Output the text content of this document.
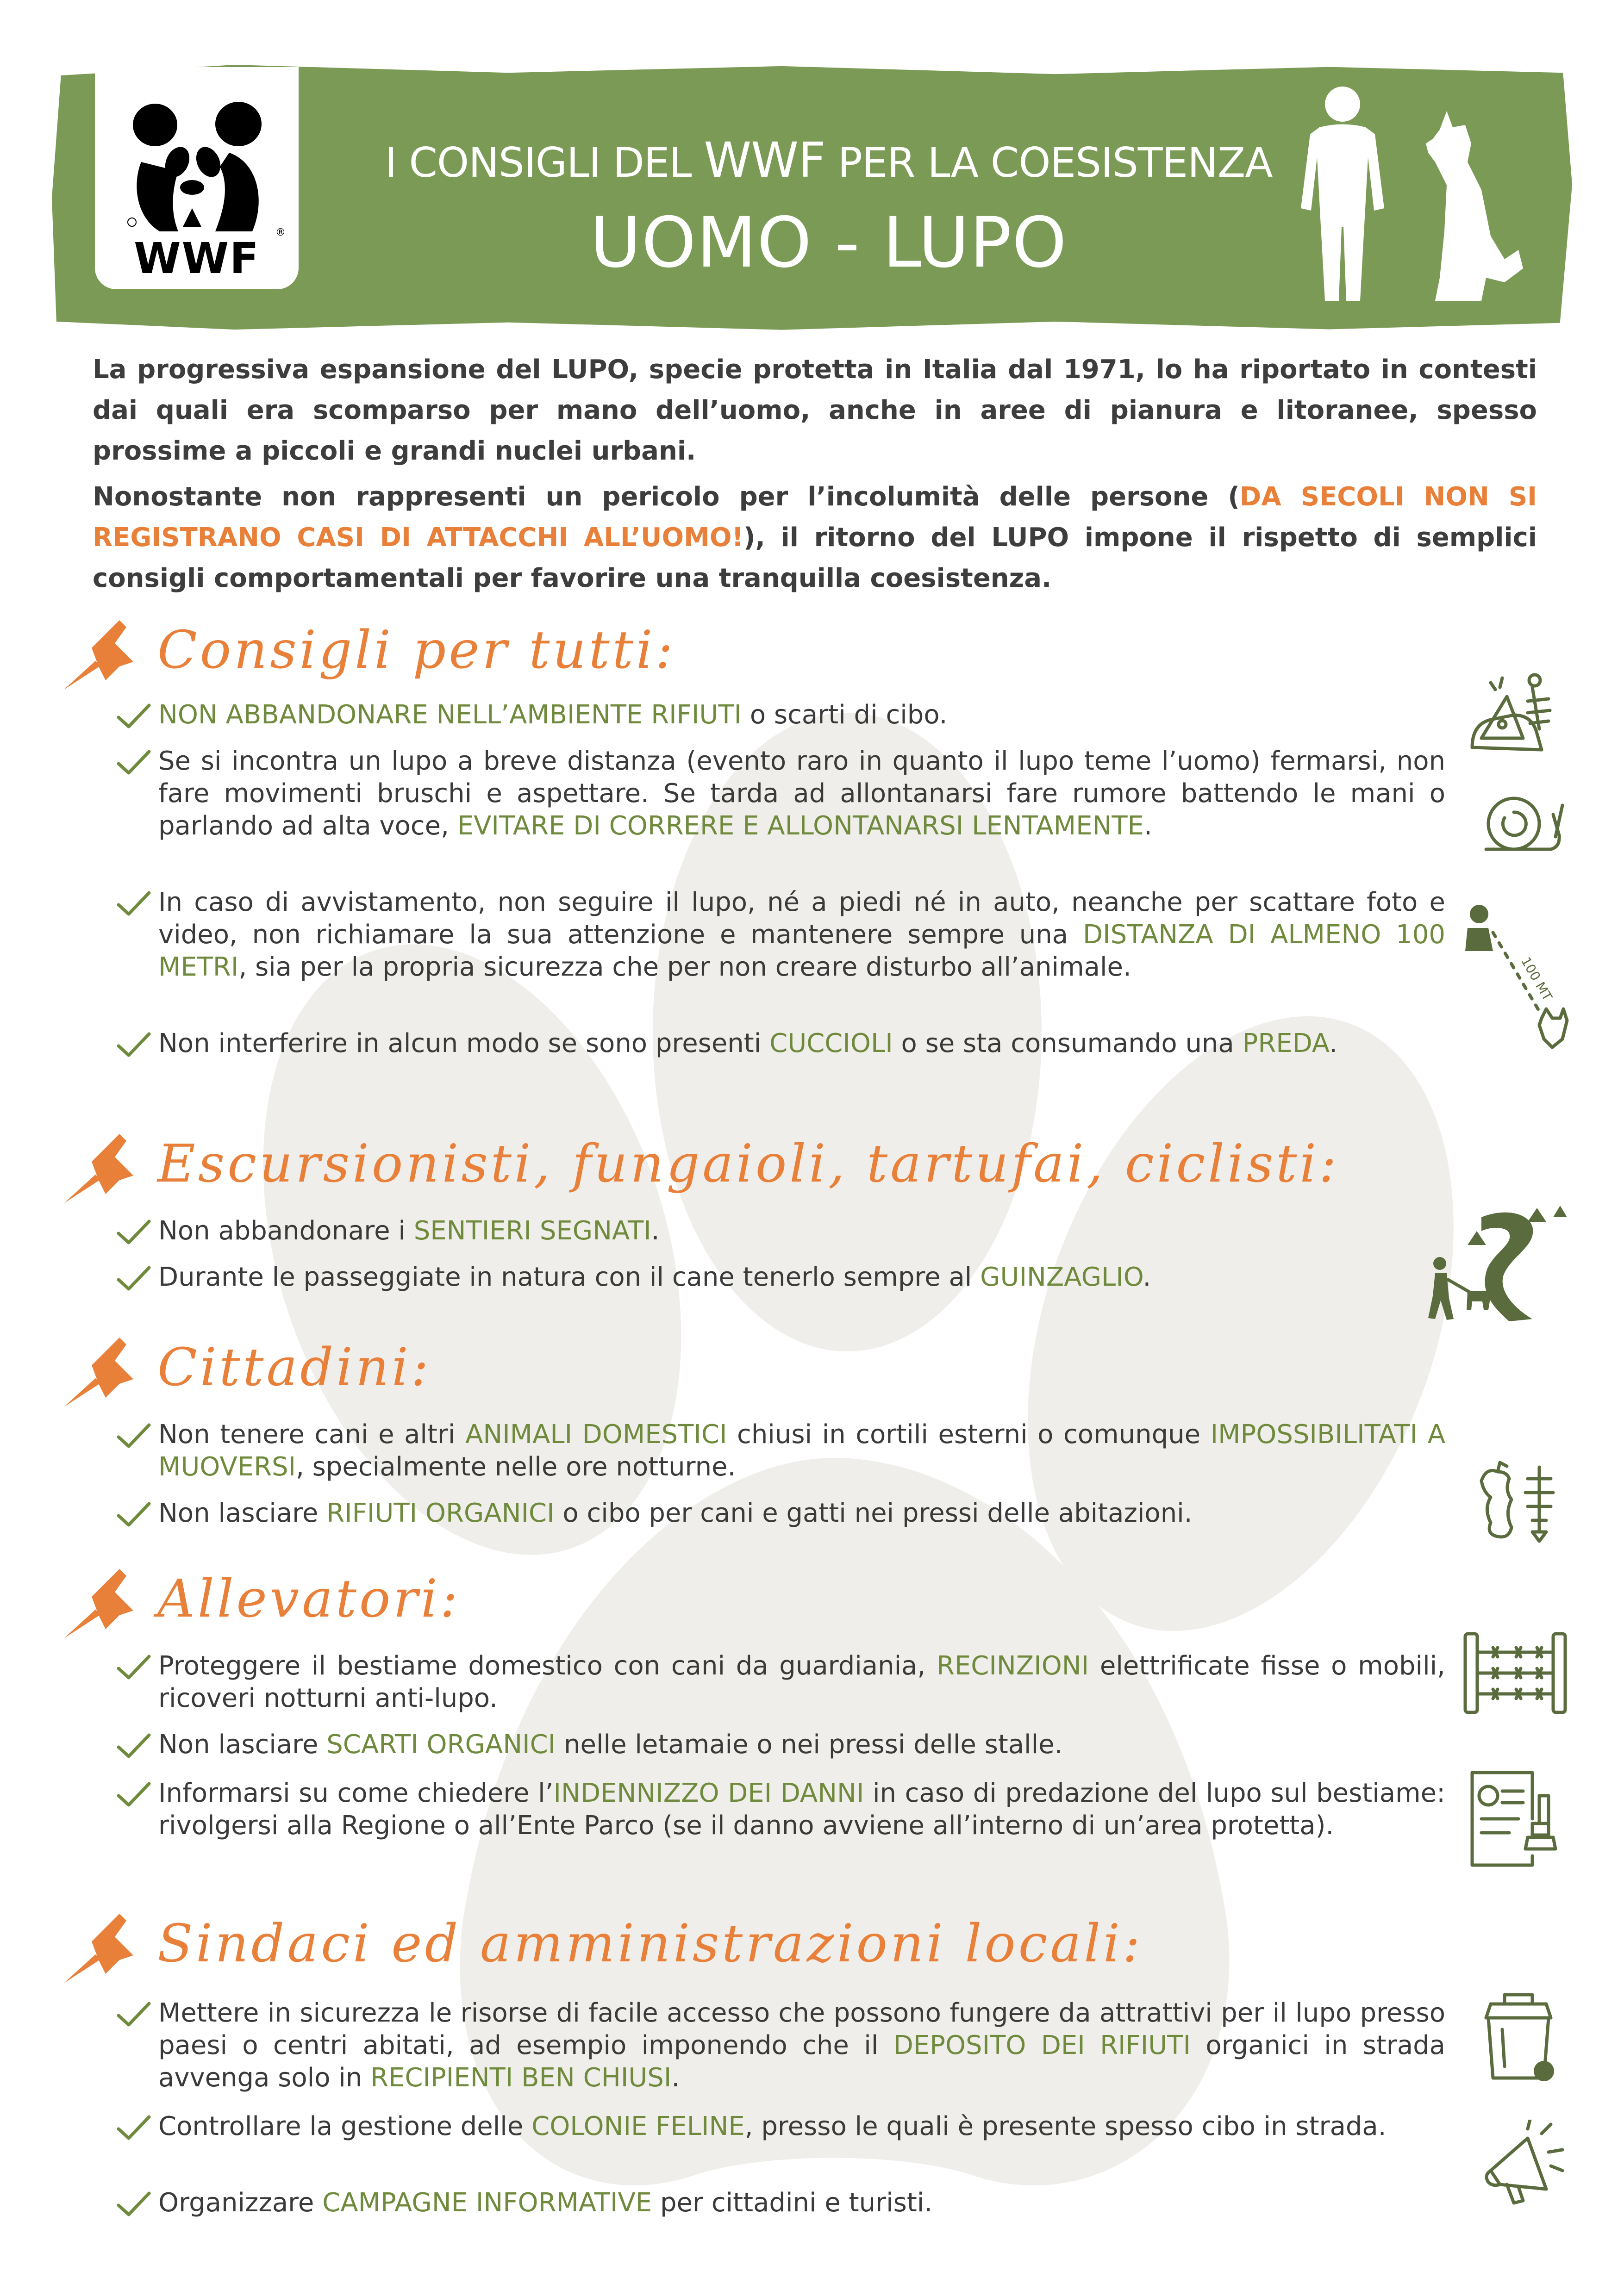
WWF
®
I CONSIGLI DEL WWF PER LA COESISTENZA
UOMO - LUPO
La progressiva espansione del LUPO, specie protetta in Italia dal 1971, lo ha riportato in contesti dai quali era scomparso per mano dell’uomo, anche in aree di pianura e litoranee, spesso prossime a piccoli e grandi nuclei urbani.
Nonostante non rappresenti un pericolo per l’incolumità delle persone (DA SECOLI NON SI REGISTRANO CASI DI ATTACCHI ALL’UOMO!), il ritorno del LUPO impone il rispetto di semplici consigli comportamentali per favorire una tranquilla coesistenza.
Consigli per tutti:
NON ABBANDONARE NELL’AMBIENTE RIFIUTI o scarti di cibo.
Se si incontra un lupo a breve distanza (evento raro in quanto il lupo teme l’uomo) fermarsi, non fare movimenti bruschi e aspettare. Se tarda ad allontanarsi fare rumore battendo le mani o parlando ad alta voce, EVITARE DI CORRERE E ALLONTANARSI LENTAMENTE.
In caso di avvistamento, non seguire il lupo, né a piedi né in auto, neanche per scattare foto e video, non richiamare la sua attenzione e mantenere sempre una DISTANZA DI ALMENO 100 METRI, sia per la propria sicurezza che per non creare disturbo all’animale.
Non interferire in alcun modo se sono presenti CUCCIOLI o se sta consumando una PREDA.
100 MT
Escursionisti, fungaioli, tartufai, ciclisti:
Non abbandonare i SENTIERI SEGNATI.
Durante le passeggiate in natura con il cane tenerlo sempre al GUINZAGLIO.
Cittadini:
Non tenere cani e altri ANIMALI DOMESTICI chiusi in cortili esterni o comunque IMPOSSIBILITATI A MUOVERSI, specialmente nelle ore notturne.
Non lasciare RIFIUTI ORGANICI o cibo per cani e gatti nei pressi delle abitazioni.
Allevatori:
Proteggere il bestiame domestico con cani da guardiania, RECINZIONI elettrificate fisse o mobili, ricoveri notturni anti-lupo.
Non lasciare SCARTI ORGANICI nelle letamaie o nei pressi delle stalle.
Informarsi su come chiedere l’INDENNIZZO DEI DANNI in caso di predazione del lupo sul bestiame: rivolgersi alla Regione o all’Ente Parco (se il danno avviene all’interno di un’area protetta).
Sindaci ed amministrazioni locali:
Mettere in sicurezza le risorse di facile accesso che possono fungere da attrattivi per il lupo presso paesi o centri abitati, ad esempio imponendo che il DEPOSITO DEI RIFIUTI organici in strada avvenga solo in RECIPIENTI BEN CHIUSI.
Controllare la gestione delle COLONIE FELINE, presso le quali è presente spesso cibo in strada.
Organizzare CAMPAGNE INFORMATIVE per cittadini e turisti.
